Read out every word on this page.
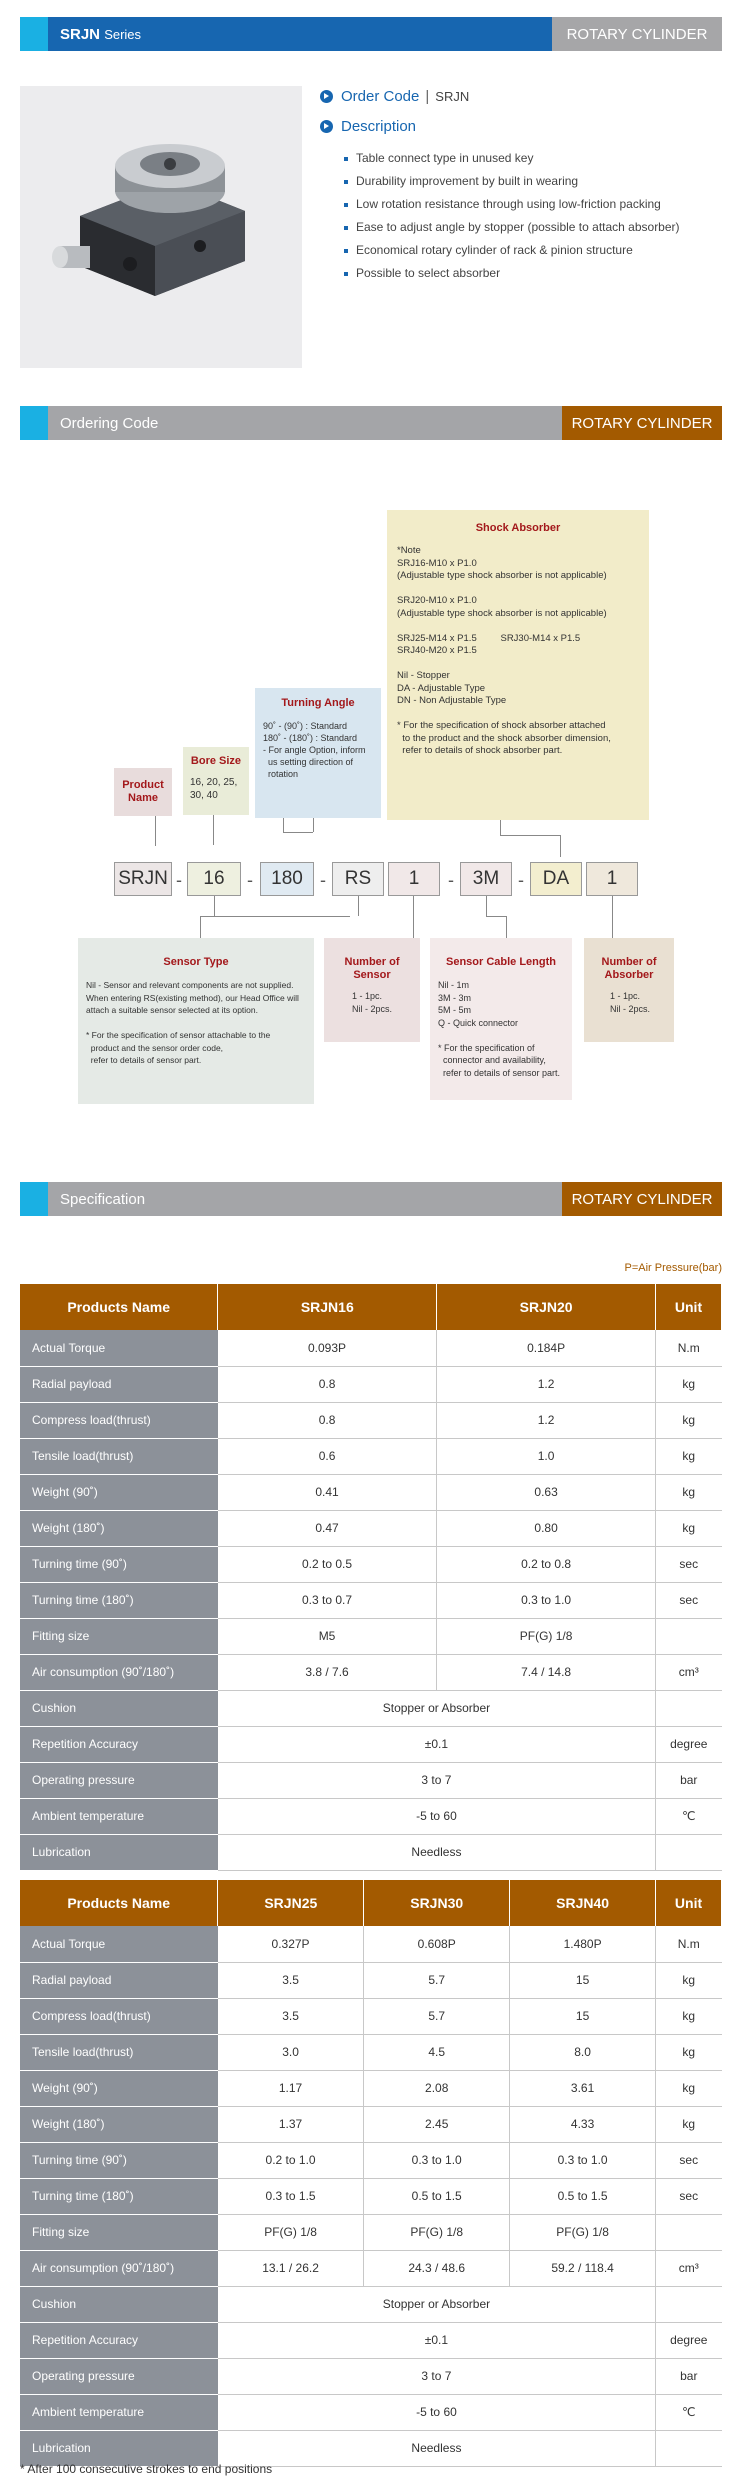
SRJN
Series	ROTARY CYLINDER
Order Code | SRJN
Description
Table connect type in unused key
Durability improvement by built in wearing
Low rotation resistance through using low-friction packing
Ease to adjust angle by stopper (possible to attach absorber)
Economical rotary cylinder of rack & pinion structure
Possible to select absorber
Ordering Code	ROTARY CYLINDER
Shock Absorber
*Note
SRJ16-M10 x P1.0
(Adjustable type shock absorber is not applicable)

SRJ20-M10 x P1.0
(Adjustable type shock absorber is not applicable)

SRJ25-M14 x P1.5         SRJ30-M14 x P1.5
SRJ40-M20 x P1.5

Nil - Stopper
DA - Adjustable Type
DN - Non Adjustable Type

* For the specification of shock absorber attached
to the product and the shock absorber dimension,
refer to details of shock absorber part.
Turning Angle
90˚ - (90˚) : Standard
180˚ - (180˚) : Standard
- For angle Option, inform
us setting direction of
rotation
Bore Size
16, 20, 25,
30, 40
Product Name
SRJN -	16	- 180 - RS	1	- 3M	- DA	1
Sensor Type
Nil - Sensor and relevant components are not supplied.
When entering RS(existing method), our Head Office will
attach a suitable sensor selected at its option.

* For the specification of sensor attachable to the
product and the sensor order code,
refer to details of sensor part.
Number of
Sensor
1 - 1pc.
Nil - 2pcs.
Sensor Cable Length
Nil - 1m
3M - 3m
5M - 5m
Q - Quick connector

* For the specification of
connector and availability,
refer to details of sensor part.
Number of
Absorber
1 - 1pc.
Nil - 2pcs.
Specification	ROTARY CYLINDER
P=Air Pressure(bar)
Products Name	SRJN16	SRJN20	Unit
Actual Torque	0.093P	0.184P	N.m
Radial payload	0.8	1.2	kg
Compress load(thrust)	0.8	1.2	kg
Tensile load(thrust)	0.6	1.0	kg
Weight (90˚)	0.41	0.63	kg
Weight (180˚)	0.47	0.80	kg
Turning time (90˚)	0.2 to 0.5	0.2 to 0.8	sec
Turning time (180˚)	0.3 to 0.7	0.3 to 1.0	sec
Fitting size	M5	PF(G) 1/8	
Air consumption (90˚/180˚)	3.8 / 7.6	7.4 / 14.8	cm³
Cushion	Stopper or Absorber		
Repetition Accuracy	±0.1		degree
Operating pressure	3 to 7		bar
Ambient temperature	-5 to 60		℃
Lubrication	Needless		
Products Name	SRJN25	SRJN30	SRJN40	Unit
Actual Torque	0.327P	0.608P	1.480P	N.m
Radial payload	3.5	5.7	15	kg
Compress load(thrust)	3.5	5.7	15	kg
Tensile load(thrust)	3.0	4.5	8.0	kg
Weight (90˚)	1.17	2.08	3.61	kg
Weight (180˚)	1.37	2.45	4.33	kg
Turning time (90˚)	0.2 to 1.0	0.3 to 1.0	0.3 to 1.0	sec
Turning time (180˚)	0.3 to 1.5	0.5 to 1.5	0.5 to 1.5	sec
Fitting size	PF(G) 1/8	PF(G) 1/8	PF(G) 1/8	
Air consumption (90˚/180˚)	13.1 / 26.2	24.3 / 48.6	59.2 / 118.4	cm³
Cushion	Stopper or Absorber			
Repetition Accuracy	±0.1			degree
Operating pressure	3 to 7			bar
Ambient temperature	-5 to 60			℃
Lubrication	Needless			
* After 100 consecutive strokes to end positions
